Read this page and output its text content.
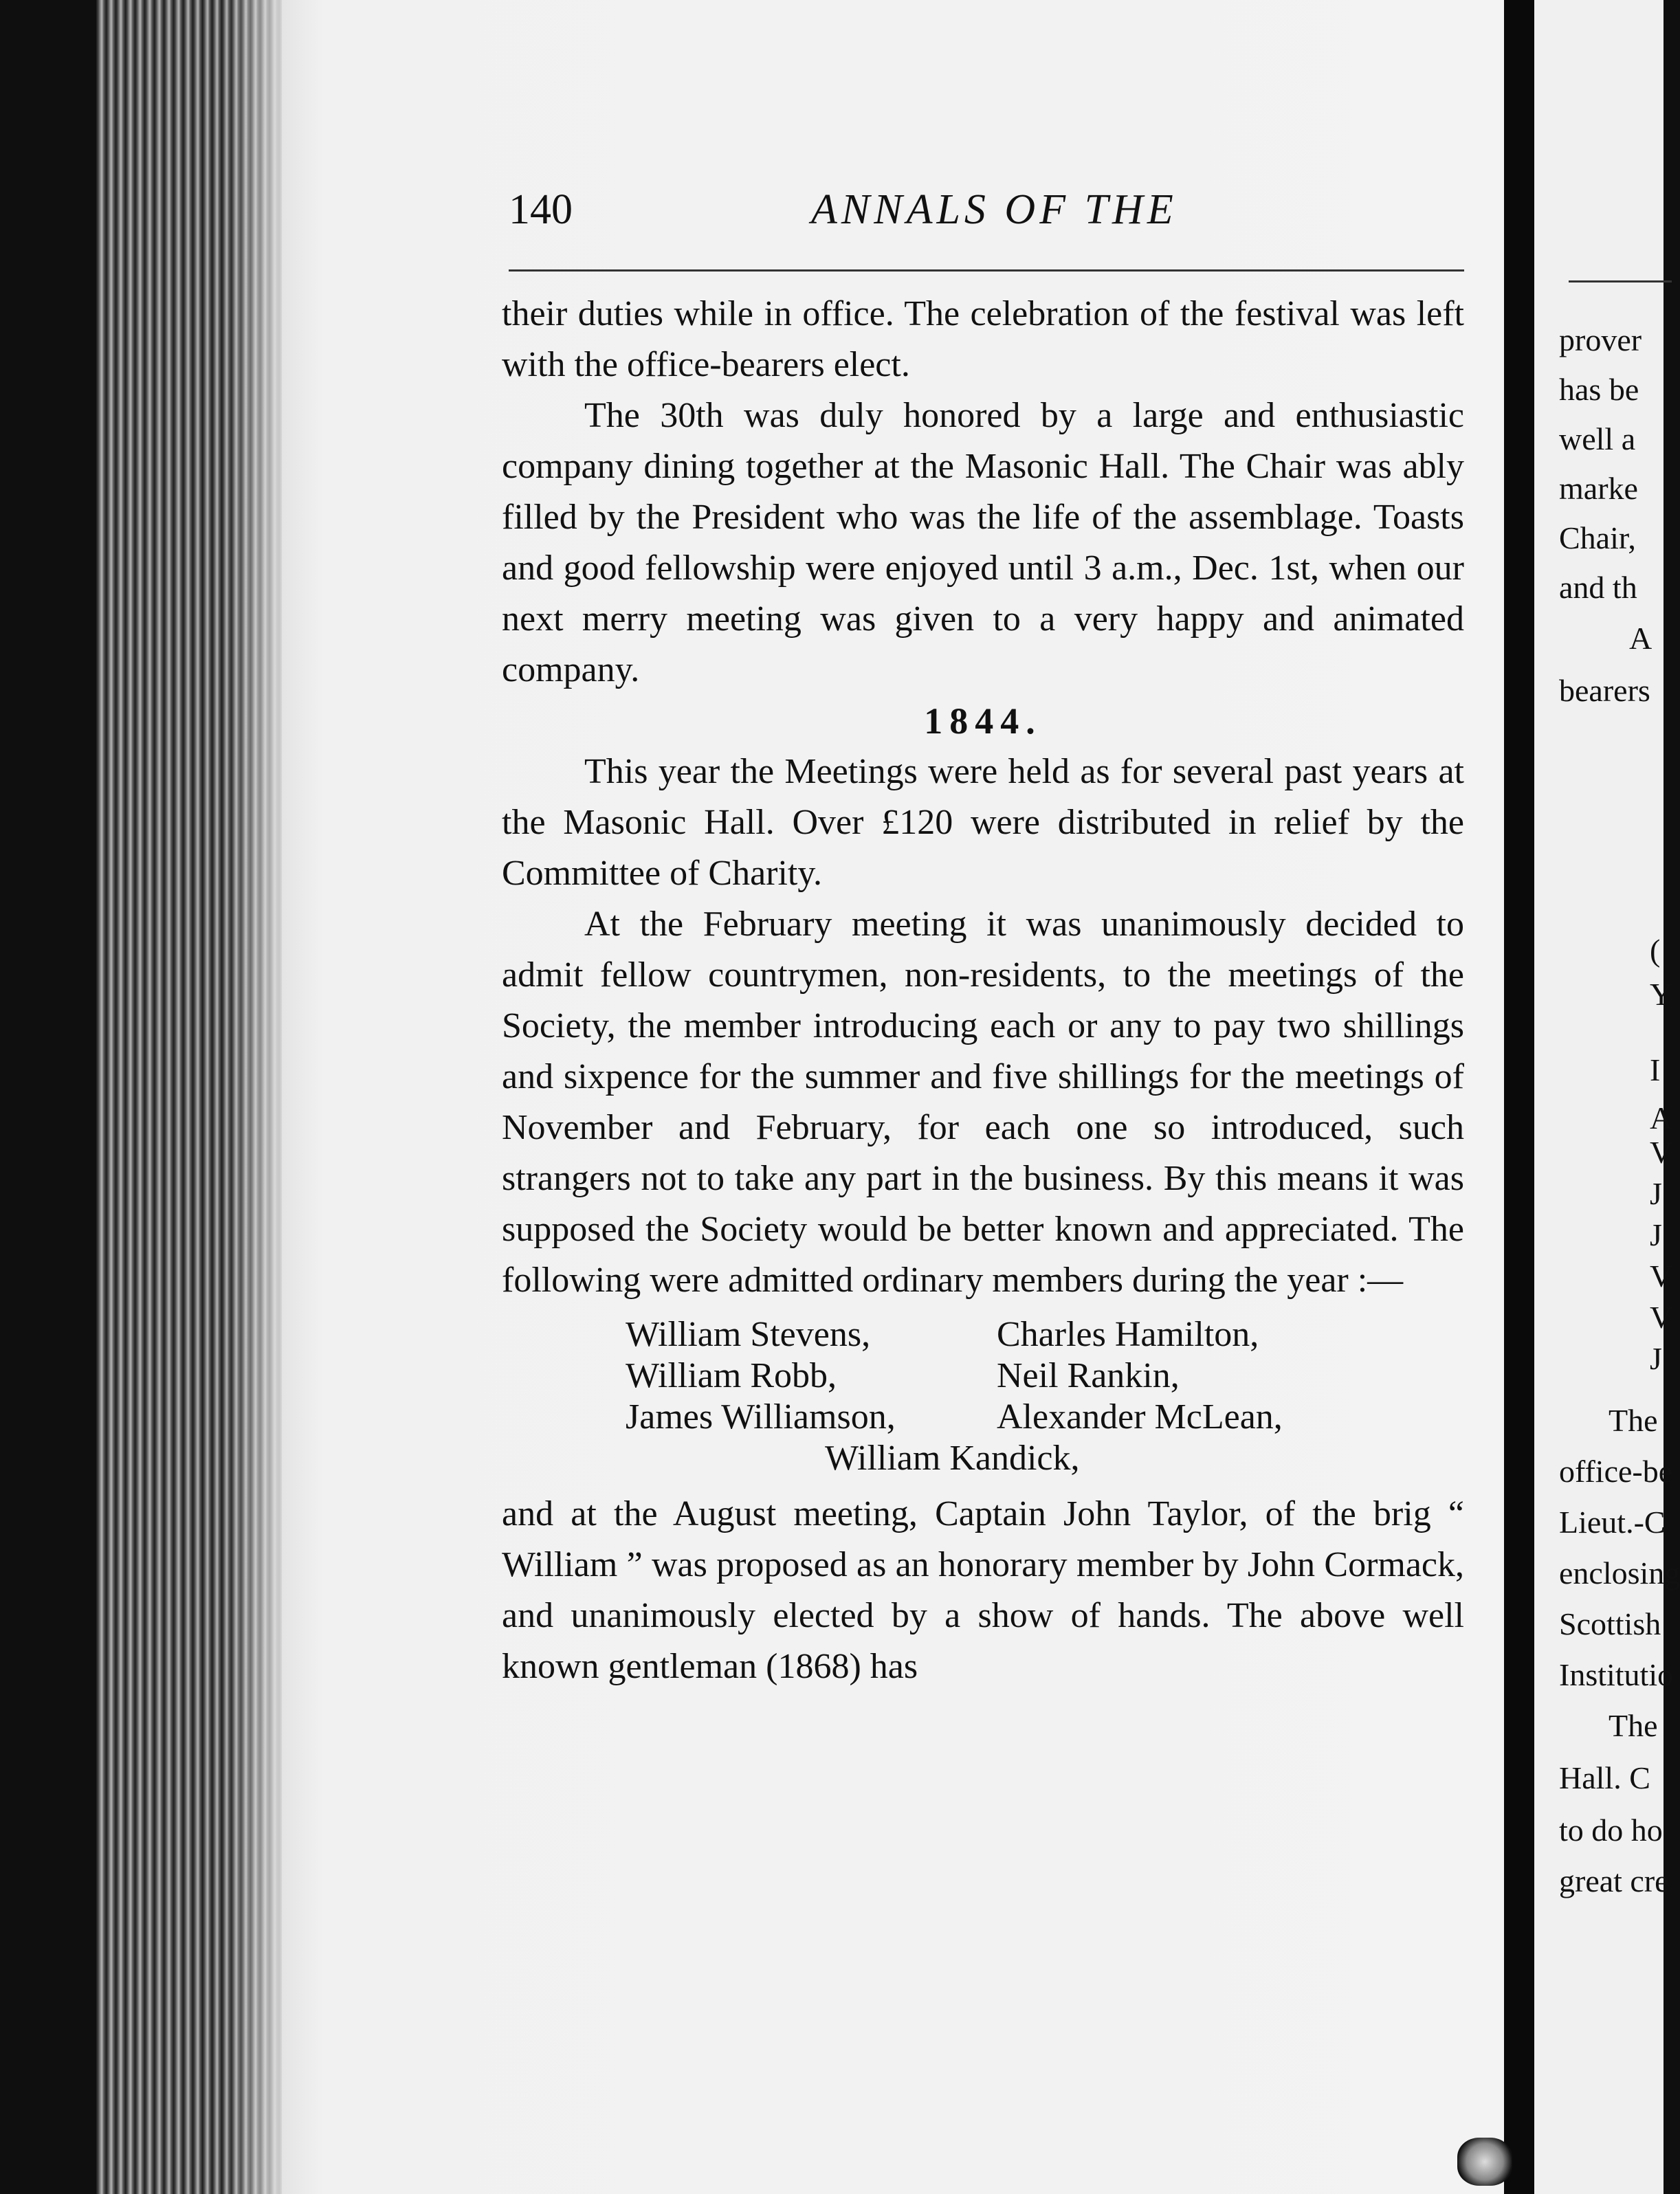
140	ANNALS OF THE

their duties while in office. The celebration of the festival was left with the office-bearers elect.

The 30th was duly honored by a large and enthusiastic company dining together at the Masonic Hall. The Chair was ably filled by the President who was the life of the assemblage. Toasts and good fellowship were enjoyed until 3 a.m., Dec. 1st, when our next merry meeting was given to a very happy and animated company.

1844.

This year the Meetings were held as for several past years at the Masonic Hall. Over £120 were distributed in relief by the Committee of Charity.

At the February meeting it was unanimously decided to admit fellow countrymen, non-residents, to the meetings of the Society, the member introducing each or any to pay two shillings and sixpence for the summer and five shillings for the meetings of November and February, for each one so introduced, such strangers not to take any part in the business. By this means it was supposed the Society would be better known and appreciated. The following were admitted ordinary members during the year :—

William Stevens,	Charles Hamilton,
William Robb,	Neil Rankin,
James Williamson,	Alexander McLean,
William Kandick,

and at the August meeting, Captain John Taylor, of the brig “ William ” was proposed as an honorary member by John Cormack, and unanimously elected by a show of hands. The above well known gentleman (1868) has

prover
has be
well a
marke
Chair,
and th
A
bearers
(
Y
I
A
V
J
J
V
V
J
The
office-be
Lieut.-C
enclosing
Scottish
Institutio
The
Hall. C
to do ho
great cre
